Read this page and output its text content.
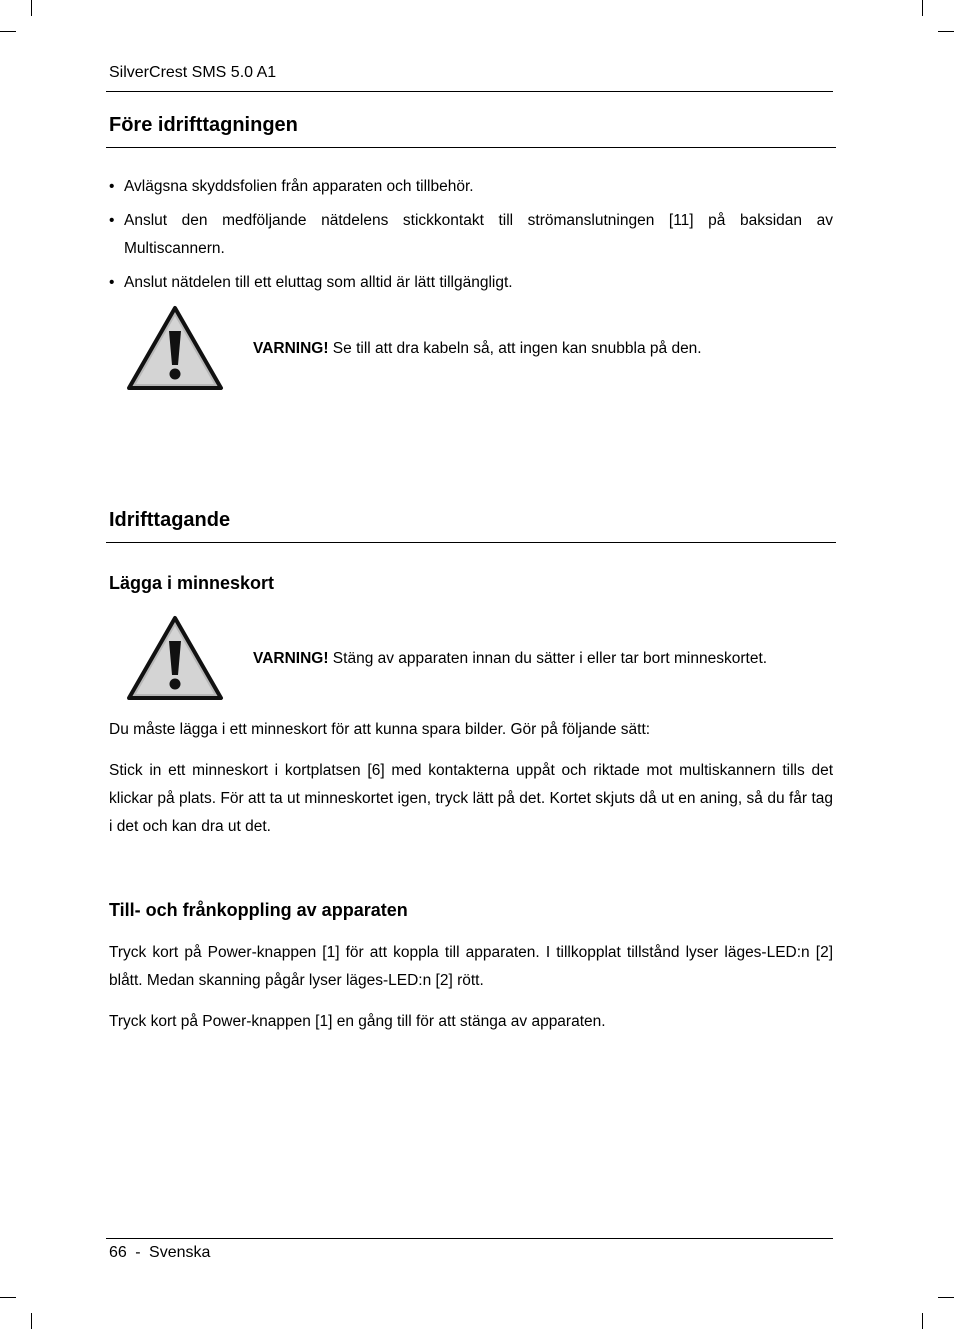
SilverCrest SMS 5.0 A1
Före idrifttagningen
• Avlägsna skyddsfolien från apparaten och tillbehör.
• Anslut den medföljande nätdelens stickkontakt till strömanslutningen [11] på baksidan av Multiscannern.
• Anslut nätdelen till ett eluttag som alltid är lätt tillgängligt.
VARNING! Se till att dra kabeln så, att ingen kan snubbla på den.
Idrifttagande
Lägga i minneskort
VARNING! Stäng av apparaten innan du sätter i eller tar bort minneskortet.
Du måste lägga i ett minneskort för att kunna spara bilder. Gör på följande sätt:
Stick in ett minneskort i kortplatsen [6] med kontakterna uppåt och riktade mot multiskannern tills det klickar på plats. För att ta ut minneskortet igen, tryck lätt på det. Kortet skjuts då ut en aning, så du får tag i det och kan dra ut det.
Till- och frånkoppling av apparaten
Tryck kort på Power-knappen [1] för att koppla till apparaten. I tillkopplat tillstånd lyser läges-LED:n [2] blått. Medan skanning pågår lyser läges-LED:n [2] rött.
Tryck kort på Power-knappen [1] en gång till för att stänga av apparaten.
66 - Svenska
